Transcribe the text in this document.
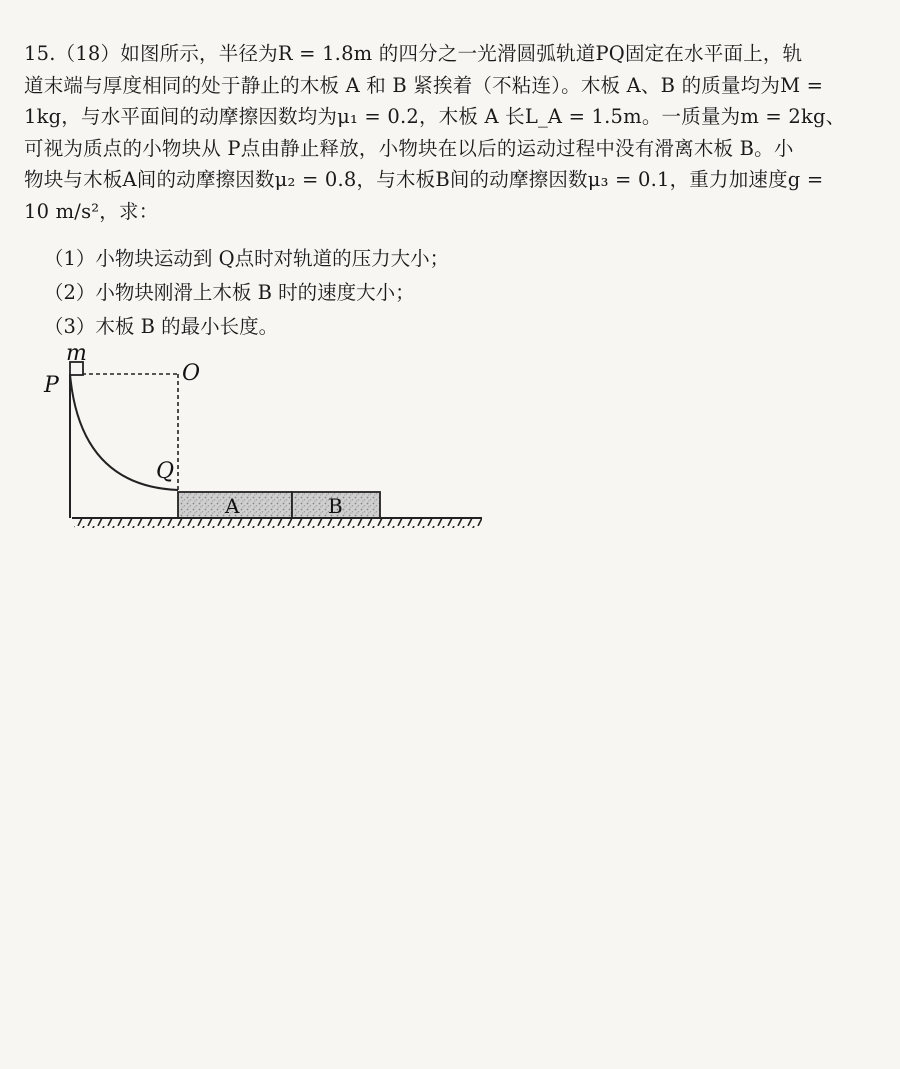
15.（18）如图所示，半径为R = 1.8m 的四分之一光滑圆弧轨道PQ固定在水平面上，轨
道末端与厚度相同的处于静止的木板 A 和 B 紧挨着（不粘连）。木板 A、B 的质量均为M =
1kg，与水平面间的动摩擦因数均为μ₁ = 0.2，木板 A 长L_A = 1.5m。一质量为m = 2kg、
可视为质点的小物块从 P点由静止释放，小物块在以后的运动过程中没有滑离木板 B。小
物块与木板A间的动摩擦因数μ₂ = 0.8，与木板B间的动摩擦因数μ₃ = 0.1，重力加速度g =
10 m/s²，求：

（1）小物块运动到 Q点时对轨道的压力大小；
（2）小物块刚滑上木板 B 时的速度大小；
（3）木板 B 的最小长度。
m
P	O
Q
A	B
